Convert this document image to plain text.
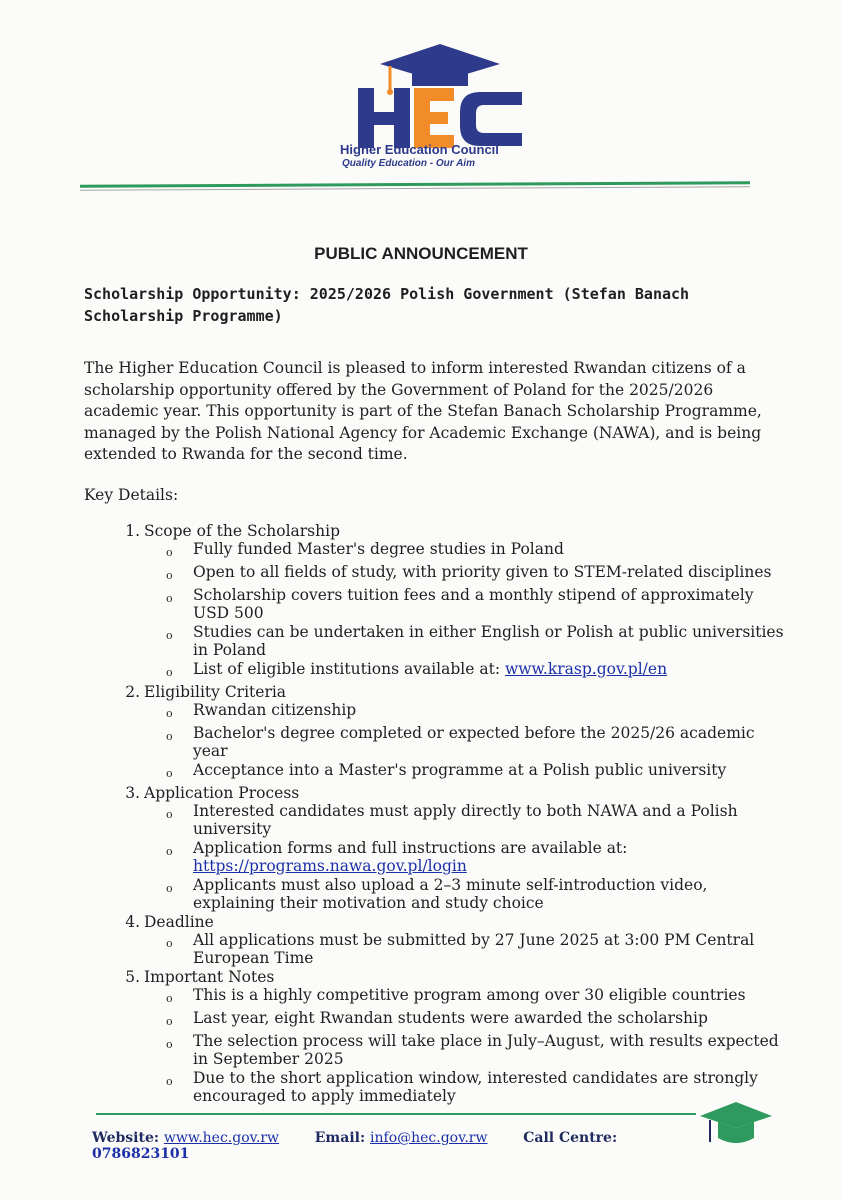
Higher Education Council
Quality Education - Our Aim
PUBLIC ANNOUNCEMENT
Scholarship Opportunity: 2025/2026 Polish Government (Stefan Banach Scholarship Programme)
The Higher Education Council is pleased to inform interested Rwandan citizens of a scholarship opportunity offered by the Government of Poland for the 2025/2026 academic year. This opportunity is part of the Stefan Banach Scholarship Programme, managed by the Polish National Agency for Academic Exchange (NAWA), and is being extended to Rwanda for the second time.
Key Details:
1. Scope of the Scholarship
o	Fully funded Master's degree studies in Poland
o	Open to all fields of study, with priority given to STEM-related disciplines
o	Scholarship covers tuition fees and a monthly stipend of approximately USD 500
o	Studies can be undertaken in either English or Polish at public universities in Poland
o	List of eligible institutions available at: www.krasp.gov.pl/en
2. Eligibility Criteria
o	Rwandan citizenship
o	Bachelor's degree completed or expected before the 2025/26 academic year
o	Acceptance into a Master's programme at a Polish public university
3. Application Process
o	Interested candidates must apply directly to both NAWA and a Polish university
o	Application forms and full instructions are available at: https://programs.nawa.gov.pl/login
o	Applicants must also upload a 2–3 minute self-introduction video, explaining their motivation and study choice
4. Deadline
o	All applications must be submitted by 27 June 2025 at 3:00 PM Central European Time
5. Important Notes
o	This is a highly competitive program among over 30 eligible countries
o	Last year, eight Rwandan students were awarded the scholarship
o	The selection process will take place in July–August, with results expected in September 2025
o	Due to the short application window, interested candidates are strongly encouraged to apply immediately
Website: www.hec.gov.rw	Email: info@hec.gov.rw	Call Centre: 0786823101
